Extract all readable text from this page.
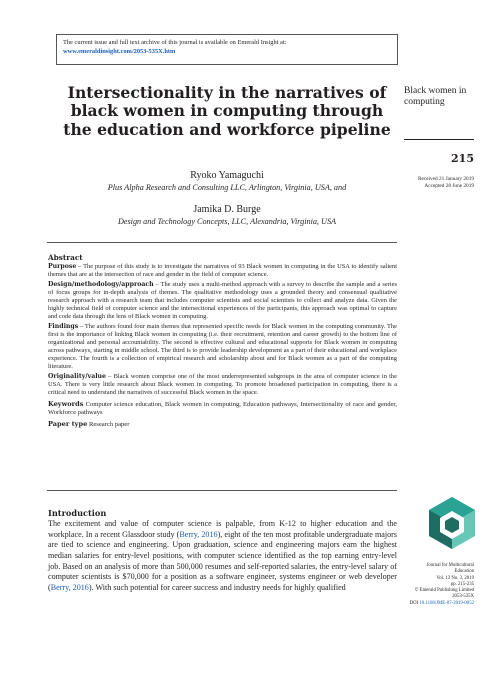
The current issue and full text archive of this journal is available on Emerald Insight at:
www.emeraldinsight.com/2053-535X.htm
Intersectionality in the narratives of black women in computing through the education and workforce pipeline
Ryoko Yamaguchi
Plus Alpha Research and Consulting LLC, Arlington, Virginia, USA, and
Jamika D. Burge
Design and Technology Concepts, LLC, Alexandria, Virginia, USA
Black women in computing
215
Received 21 January 2019
Accepted 28 June 2019
Abstract

Purpose – The purpose of this study is to investigate the narratives of 93 Black women in computing in the USA to identify salient themes that are at the intersection of race and gender in the field of computer science.

Design/methodology/approach – The study uses a multi-method approach with a survey to describe the sample and a series of focus groups for in-depth analysis of themes. The qualitative methodology uses a grounded theory and consensual qualitative research approach with a research team that includes computer scientists and social scientists to collect and analyze data. Given the highly technical field of computer science and the intersectional experiences of the participants, this approach was optimal to capture and code data through the lens of Black women in computing.

Findings – The authors found four main themes that represented specific needs for Black women in the computing community. The first is the importance of linking Black women in computing (i.e. their recruitment, retention and career growth) to the bottom line of organizational and personal accountability. The second is effective cultural and educational supports for Black women in computing across pathways, starting in middle school. The third is to provide leadership development as a part of their educational and workplace experience. The fourth is a collection of empirical research and scholarship about and for Black women as a part of the computing literature.

Originality/value – Black women comprise one of the most underrepresented subgroups in the area of computer science in the USA. There is very little research about Black women in computing. To promote broadened participation in computing, there is a critical need to understand the narratives of successful Black women in the space.

Keywords Computer science education, Black women in computing, Education pathways, Intersectionality of race and gender, Workforce pathways
Paper type Research paper
Introduction
The excitement and value of computer science is palpable, from K-12 to higher education and the workplace. In a recent Glassdoor study (Berry, 2016), eight of the ten most profitable undergraduate majors are tied to science and engineering. Upon graduation, science and engineering majors earn the highest median salaries for entry-level positions, with computer science identified as the top earning entry-level job. Based on an analysis of more than 500,000 resumes and self-reported salaries, the entry-level salary of computer scientists is $70,000 for a position as a software engineer, systems engineer or web developer (Berry, 2016). With such potential for career success and industry needs for highly qualified
Journal for Multicultural
Education
Vol. 13 No. 3, 2019
pp. 215-235
© Emerald Publishing Limited
2053-535X
DOI 10.1108/JME-07-2019-0052
